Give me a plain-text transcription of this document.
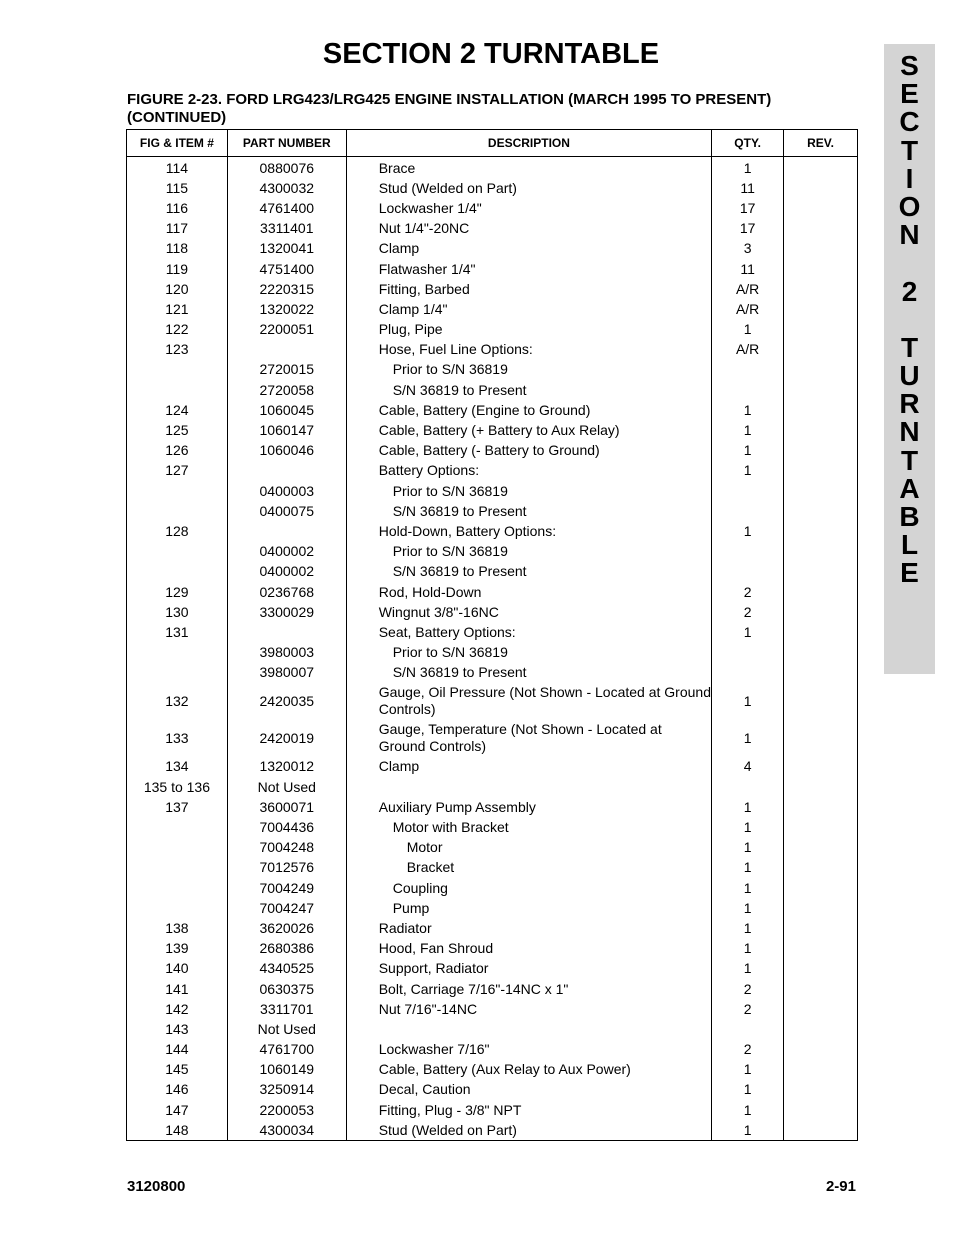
SECTION 2 TURNTABLE
FIGURE 2-23. FORD LRG423/LRG425 ENGINE INSTALLATION (MARCH 1995 TO PRESENT) (CONTINUED)
S
E
C
T
I
O
N
2
T
U
R
N
T
A
B
L
E
FIG & ITEM #	PART NUMBER	DESCRIPTION	QTY.	REV.
114	0880076	Brace	1	
115	4300032	Stud (Welded on Part)	11	
116	4761400	Lockwasher 1/4"	17	
117	3311401	Nut 1/4"-20NC	17	
118	1320041	Clamp	3	
119	4751400	Flatwasher 1/4"	11	
120	2220315	Fitting, Barbed	A/R	
121	1320022	Clamp 1/4"	A/R	
122	2200051	Plug, Pipe	1	
123		Hose, Fuel Line Options:	A/R	
	2720015	Prior to S/N 36819		
	2720058	S/N 36819 to Present		
124	1060045	Cable, Battery (Engine to Ground)	1	
125	1060147	Cable, Battery (+ Battery to Aux Relay)	1	
126	1060046	Cable, Battery (- Battery to Ground)	1	
127		Battery Options:	1	
	0400003	Prior to S/N 36819		
	0400075	S/N 36819 to Present		
128		Hold-Down, Battery Options:	1	
	0400002	Prior to S/N 36819		
	0400002	S/N 36819 to Present		
129	0236768	Rod, Hold-Down	2	
130	3300029	Wingnut 3/8"-16NC	2	
131		Seat, Battery Options:	1	
	3980003	Prior to S/N 36819		
	3980007	S/N 36819 to Present		
132	2420035	Gauge, Oil Pressure (Not Shown - Located at Ground Controls)	1	
133	2420019	Gauge, Temperature (Not Shown - Located at Ground Controls)	1	
134	1320012	Clamp	4	
135 to 136	Not Used			
137	3600071	Auxiliary Pump Assembly	1	
	7004436	Motor with Bracket	1	
	7004248	Motor	1	
	7012576	Bracket	1	
	7004249	Coupling	1	
	7004247	Pump	1	
138	3620026	Radiator	1	
139	2680386	Hood, Fan Shroud	1	
140	4340525	Support, Radiator	1	
141	0630375	Bolt, Carriage 7/16"-14NC x 1"	2	
142	3311701	Nut 7/16"-14NC	2	
143	Not Used			
144	4761700	Lockwasher 7/16"	2	
145	1060149	Cable, Battery (Aux Relay to Aux Power)	1	
146	3250914	Decal, Caution	1	
147	2200053	Fitting, Plug - 3/8" NPT	1	
148	4300034	Stud (Welded on Part)	1	
3120800	2-91
